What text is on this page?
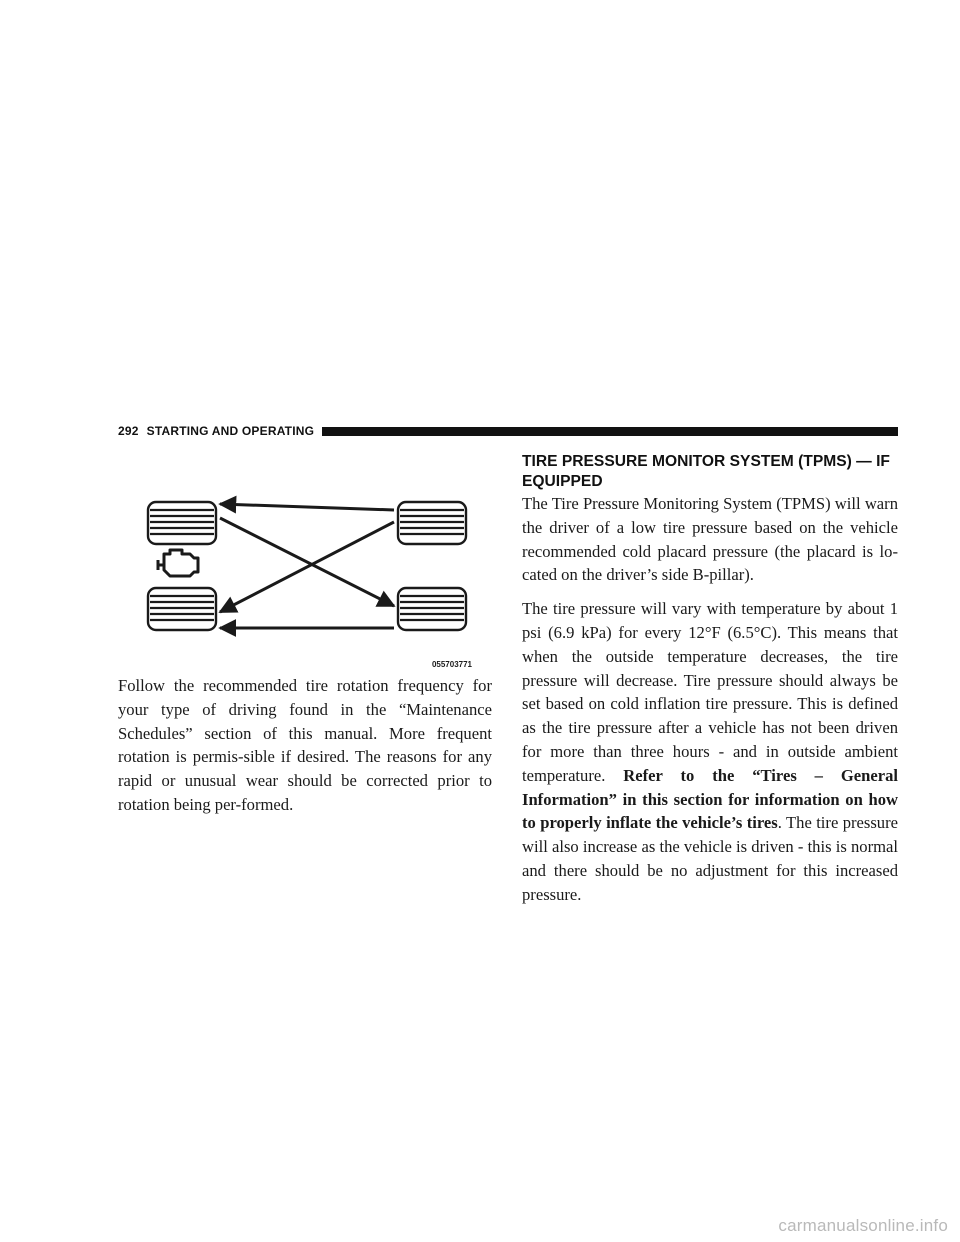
292 STARTING AND OPERATING
055703771

Follow the recommended tire rotation frequency for your type of driving found in the “Maintenance Schedules” section of this manual. More frequent rotation is permis-sible if desired. The reasons for any rapid or unusual wear should be corrected prior to rotation being per-formed.

TIRE PRESSURE MONITOR SYSTEM (TPMS) — IF EQUIPPED

The Tire Pressure Monitoring System (TPMS) will warn the driver of a low tire pressure based on the vehicle recommended cold placard pressure (the placard is lo-cated on the driver’s side B-pillar).

The tire pressure will vary with temperature by about 1 psi (6.9 kPa) for every 12°F (6.5°C). This means that when the outside temperature decreases, the tire pressure will decrease. Tire pressure should always be set based on cold inflation tire pressure. This is defined as the tire pressure after a vehicle has not been driven for more than three hours - and in outside ambient temperature. Refer to the “Tires – General Information” in this section for information on how to properly inflate the vehicle’s tires. The tire pressure will also increase as the vehicle is driven - this is normal and there should be no adjustment for this increased pressure.

carmanualsonline.info
